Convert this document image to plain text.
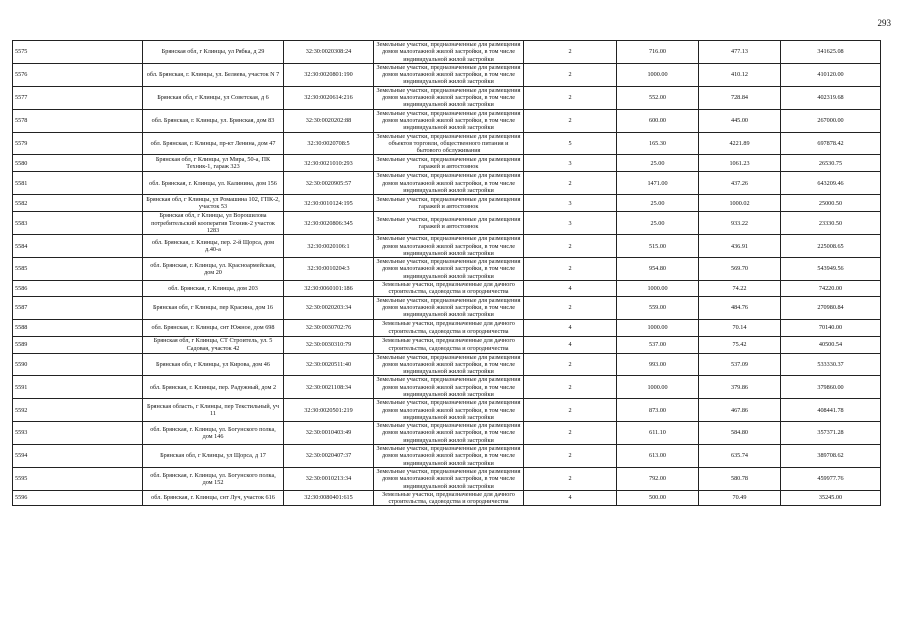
293
5575	Брянская обл, г Клинцы, ул Рябка, д 29	32:30:0020308:24	Земельные участки, предназначенные для размещения домов малоэтажной жилой застройки, в том числе индивидуальной жилой застройки	2	716.00	477.13	341625.08
5576	обл. Брянская, г. Клинцы, ул. Беляева, участок N 7	32:30:0020801:190	Земельные участки, предназначенные для размещения домов малоэтажной жилой застройки, в том числе индивидуальной жилой застройки	2	1000.00	410.12	410120.00
5577	Брянская обл, г Клинцы, ул Советская, д 6	32:30:0020614:216	Земельные участки, предназначенные для размещения домов малоэтажной жилой застройки, в том числе индивидуальной жилой застройки	2	552.00	728.84	402319.68
5578	обл. Брянская, г. Клинцы, ул. Брянская, дом 83	32:30:0020202:88	Земельные участки, предназначенные для размещения домов малоэтажной жилой застройки, в том числе индивидуальной жилой застройки	2	600.00	445.00	267000.00
5579	обл. Брянская, г. Клинцы, пр-кт Ленина, дом 47	32:30:0020708:5	Земельные участки, предназначенные для размещения объектов торговли, общественного питания и бытового обслуживания	5	165.30	4221.89	697878.42
5580	Брянская обл, г Клинцы, ул Мира, 50-а, ПК Техник-1, гараж 323	32:30:0021010:293	Земельные участки, предназначенные для размещения гаражей и автостоянок	3	25.00	1061.23	26530.75
5581	обл. Брянская, г. Клинцы, ул. Калинина, дом 156	32:30:0020905:57	Земельные участки, предназначенные для размещения домов малоэтажной жилой застройки, в том числе индивидуальной жилой застройки	2	1471.00	437.26	643209.46
5582	Брянская обл, г Клинцы, ул Ромашина 102, ГПК-2, участок 53	32:30:0010124:195	Земельные участки, предназначенные для размещения гаражей и автостоянок	3	25.00	1000.02	25000.50
5583	Брянская обл, г Клинцы, ул Ворошилова потребительский кооператив Техник-2 участок 1283	32:30:0020806:345	Земельные участки, предназначенные для размещения гаражей и автостоянок	3	25.00	933.22	23330.50
5584	обл. Брянская, г. Клинцы, пер. 2-й Щорса, дом д.40-а	32:30:0020106:1	Земельные участки, предназначенные для размещения домов малоэтажной жилой застройки, в том числе индивидуальной жилой застройки	2	515.00	436.91	225008.65
5585	обл. Брянская, г. Клинцы, ул. Красноармейская, дом 20	32:30:0010204:3	Земельные участки, предназначенные для размещения домов малоэтажной жилой застройки, в том числе индивидуальной жилой застройки	2	954.80	569.70	543949.56
5586	обл. Брянская, г. Клинцы, дом 203	32:30:0060101:186	Земельные участки, предназначенные для дачного строительства, садоводства и огородничества	4	1000.00	74.22	74220.00
5587	Брянская обл, г Клинцы, пер Красина, дом 16	32:30:0020203:34	Земельные участки, предназначенные для размещения домов малоэтажной жилой застройки, в том числе индивидуальной жилой застройки	2	559.00	484.76	270980.84
5588	обл. Брянская, г. Клинцы, снт Южное, дом 698	32:30:0030702:76	Земельные участки, предназначенные для дачного строительства, садоводства и огородничества	4	1000.00	70.14	70140.00
5589	Брянская обл, г Клинцы, СТ Строитель, ул. 5 Садовая, участок 42	32:30:0030310:79	Земельные участки, предназначенные для дачного строительства, садоводства и огородничества	4	537.00	75.42	40500.54
5590	Брянская обл, г Клинцы, ул Кирова, дом 46	32:30:0020511:40	Земельные участки, предназначенные для размещения домов малоэтажной жилой застройки, в том числе индивидуальной жилой застройки	2	993.00	537.09	533330.37
5591	обл. Брянская, г. Клинцы, пер. Радужный, дом 2	32:30:0021108:34	Земельные участки, предназначенные для размещения домов малоэтажной жилой застройки, в том числе индивидуальной жилой застройки	2	1000.00	379.86	379860.00
5592	Брянская область, г Клинцы, пер Текстильный, уч 11	32:30:0020501:219	Земельные участки, предназначенные для размещения домов малоэтажной жилой застройки, в том числе индивидуальной жилой застройки	2	873.00	467.86	408441.78
5593	обл. Брянская, г. Клинцы, ул. Богунского полка, дом 146	32:30:0010403:49	Земельные участки, предназначенные для размещения домов малоэтажной жилой застройки, в том числе индивидуальной жилой застройки	2	611.10	584.80	357371.28
5594	Брянская обл, г Клинцы, ул Щорса, д 17	32:30:0020407:37	Земельные участки, предназначенные для размещения домов малоэтажной жилой застройки, в том числе индивидуальной жилой застройки	2	613.00	635.74	389708.62
5595	обл. Брянская, г. Клинцы, ул. Богунского полка, дом 152	32:30:0010213:34	Земельные участки, предназначенные для размещения домов малоэтажной жилой застройки, в том числе индивидуальной жилой застройки	2	792.00	580.78	459977.76
5596	обл. Брянская, г. Клинцы, снт Луч, участок 616	32:30:0080401:615	Земельные участки, предназначенные для дачного строительства, садоводства и огородничества	4	500.00	70.49	35245.00
